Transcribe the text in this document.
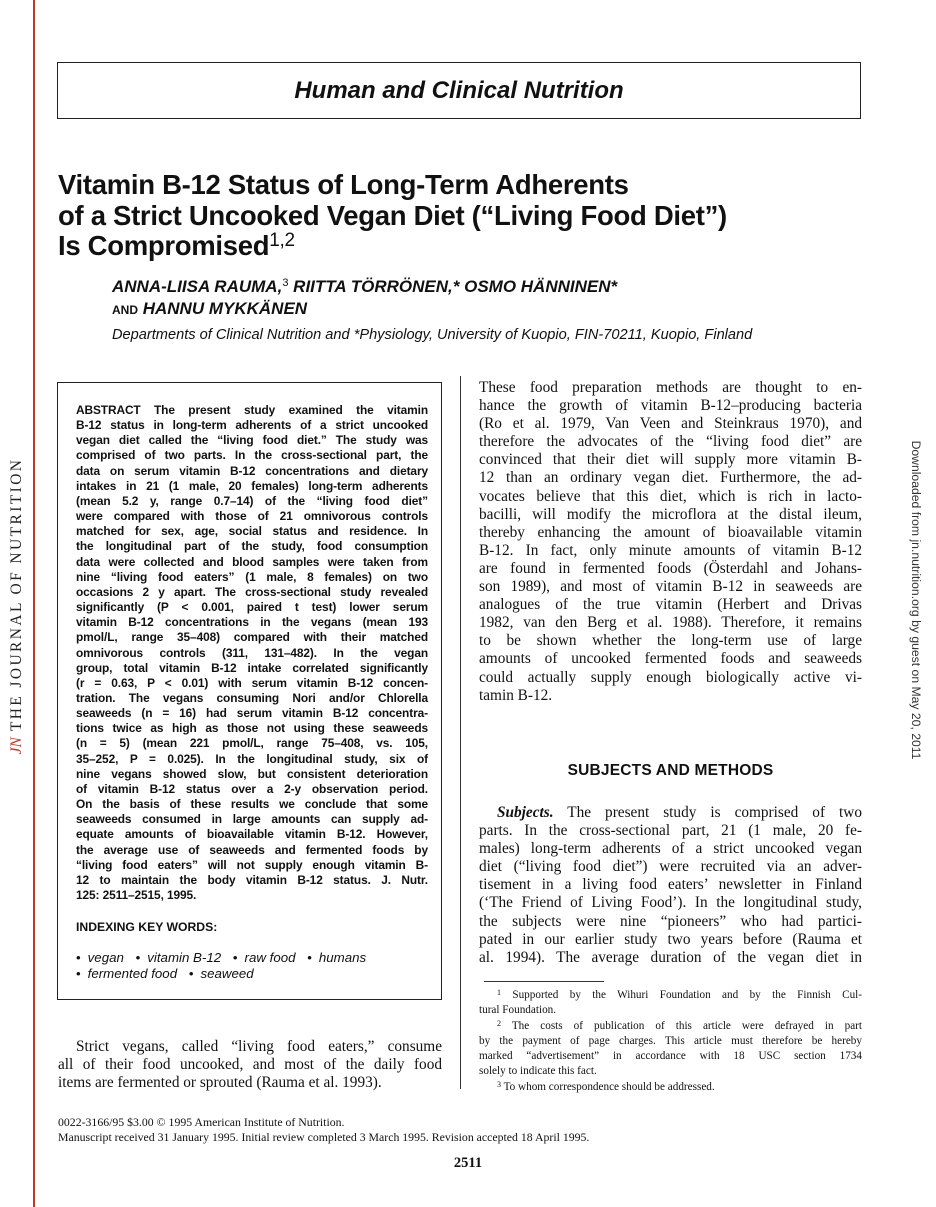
JNTHE JOURNAL OF NUTRITION	Downloaded from jn.nutrition.org by guest on May 20, 2011
Human and Clinical Nutrition
Vitamin B-12 Status of Long-Term Adherents
of a Strict Uncooked Vegan Diet (“Living Food Diet”)
Is Compromised$^{1,2}$
ANNA-LIISA RAUMA,$^3$ RIITTA TÖRRÖNEN,* OSMO HÄNNINEN*
AND HANNU MYKKÄNEN
Departments of Clinical Nutrition and *Physiology, University of Kuopio, FIN-70211, Kuopio, Finland
ABSTRACT The present study examined the vitamin
B-12 status in long-term adherents of a strict uncooked
vegan diet called the “living food diet.” The study was
comprised of two parts. In the cross-sectional part, the
data on serum vitamin B-12 concentrations and dietary
intakes in 21 (1 male, 20 females) long-term adherents
(mean 5.2 y, range 0.7–14) of the “living food diet”
were compared with those of 21 omnivorous controls
matched for sex, age, social status and residence. In
the longitudinal part of the study, food consumption
data were collected and blood samples were taken from
nine “living food eaters” (1 male, 8 females) on two
occasions 2 y apart. The cross-sectional study revealed
significantly (P < 0.001, paired t test) lower serum
vitamin B-12 concentrations in the vegans (mean 193
pmol/L, range 35–408) compared with their matched
omnivorous controls (311, 131–482). In the vegan
group, total vitamin B-12 intake correlated significantly
(r = 0.63, P < 0.01) with serum vitamin B-12 concen-
tration. The vegans consuming Nori and/or Chlorella
seaweeds (n = 16) had serum vitamin B-12 concentra-
tions twice as high as those not using these seaweeds
(n = 5) (mean 221 pmol/L, range 75–408, vs. 105,
35–252, P = 0.025). In the longitudinal study, six of
nine vegans showed slow, but consistent deterioration
of vitamin B-12 status over a 2-y observation period.
On the basis of these results we conclude that some
seaweeds consumed in large amounts can supply ad-
equate amounts of bioavailable vitamin B-12. However,
the average use of seaweeds and fermented foods by
“living food eaters” will not supply enough vitamin B-
12 to maintain the body vitamin B-12 status. J. Nutr.
125: 2511–2515, 1995.
INDEXING KEY WORDS:
• vegan • vitamin B-12 • raw food • humans
• fermented food • seaweed
Strict vegans, called “living food eaters,” consume
all of their food uncooked, and most of the daily food
items are fermented or sprouted (Rauma et al. 1993).
These food preparation methods are thought to en-
hance the growth of vitamin B-12–producing bacteria
(Ro et al. 1979, Van Veen and Steinkraus 1970), and
therefore the advocates of the “living food diet” are
convinced that their diet will supply more vitamin B-
12 than an ordinary vegan diet. Furthermore, the ad-
vocates believe that this diet, which is rich in lacto-
bacilli, will modify the microflora at the distal ileum,
thereby enhancing the amount of bioavailable vitamin
B-12. In fact, only minute amounts of vitamin B-12
are found in fermented foods (Österdahl and Johans-
son 1989), and most of vitamin B-12 in seaweeds are
analogues of the true vitamin (Herbert and Drivas
1982, van den Berg et al. 1988). Therefore, it remains
to be shown whether the long-term use of large
amounts of uncooked fermented foods and seaweeds
could actually supply enough biologically active vi-
tamin B-12.
SUBJECTS AND METHODS
Subjects. The present study is comprised of two
parts. In the cross-sectional part, 21 (1 male, 20 fe-
males) long-term adherents of a strict uncooked vegan
diet (“living food diet”) were recruited via an adver-
tisement in a living food eaters’ newsletter in Finland
(‘The Friend of Living Food’). In the longitudinal study,
the subjects were nine “pioneers” who had partici-
pated in our earlier study two years before (Rauma et
al. 1994). The average duration of the vegan diet in
$^1$ Supported by the Wihuri Foundation and by the Finnish Cul-
tural Foundation.
$^2$ The costs of publication of this article were defrayed in part
by the payment of page charges. This article must therefore be hereby
marked “advertisement” in accordance with 18 USC section 1734
solely to indicate this fact.
$^3$ To whom correspondence should be addressed.
0022-3166/95 $3.00 © 1995 American Institute of Nutrition.
Manuscript received 31 January 1995. Initial review completed 3 March 1995. Revision accepted 18 April 1995.
2511
